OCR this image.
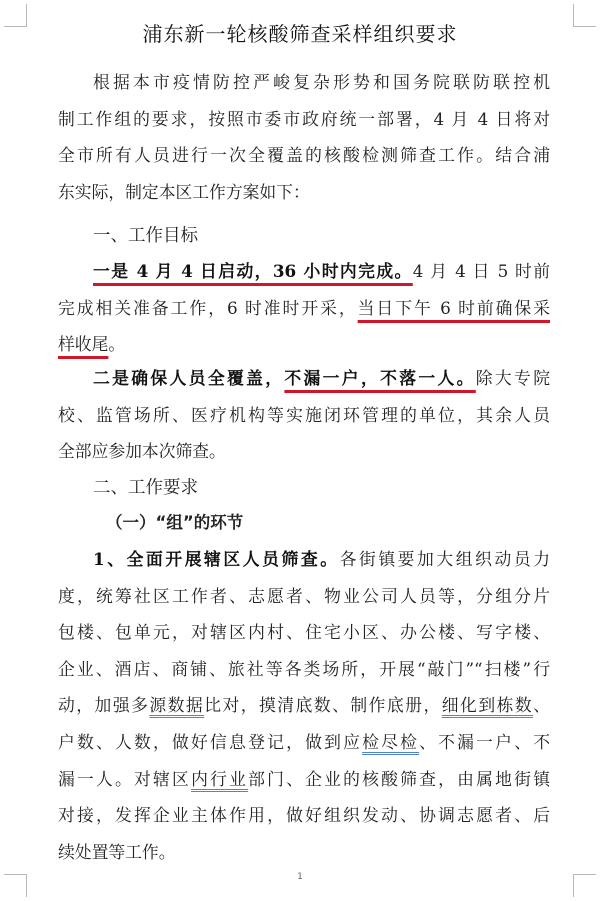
浦东新一轮核酸筛查采样组织要求
根据本市疫情防控严峻复杂形势和国务院联防联控机
制工作组的要求，按照市委市政府统一部署，4 月 4 日将对
全市所有人员进行一次全覆盖的核酸检测筛查工作。结合浦
东实际，制定本区工作方案如下：
一、工作目标
一是 4 月 4 日启动，36 小时内完成。4 月 4 日 5 时前
完成相关准备工作，6 时准时开采，当日下午 6 时前确保采
样收尾。
二是确保人员全覆盖，不漏一户，不落一人。除大专院
校、监管场所、医疗机构等实施闭环管理的单位，其余人员
全部应参加本次筛查。
二、工作要求
（一）“组”的环节
1、全面开展辖区人员筛查。各街镇要加大组织动员力
度，统筹社区工作者、志愿者、物业公司人员等，分组分片
包楼、包单元，对辖区内村、住宅小区、办公楼、写字楼、
企业、酒店、商铺、旅社等各类场所，开展“敲门”“扫楼”行
动，加强多源数据比对，摸清底数、制作底册，细化到栋数、
户数、人数，做好信息登记，做到应检尽检、不漏一户、不
漏一人。对辖区内行业部门、企业的核酸筛查，由属地街镇
对接，发挥企业主体作用，做好组织发动、协调志愿者、后
续处置等工作。
1
